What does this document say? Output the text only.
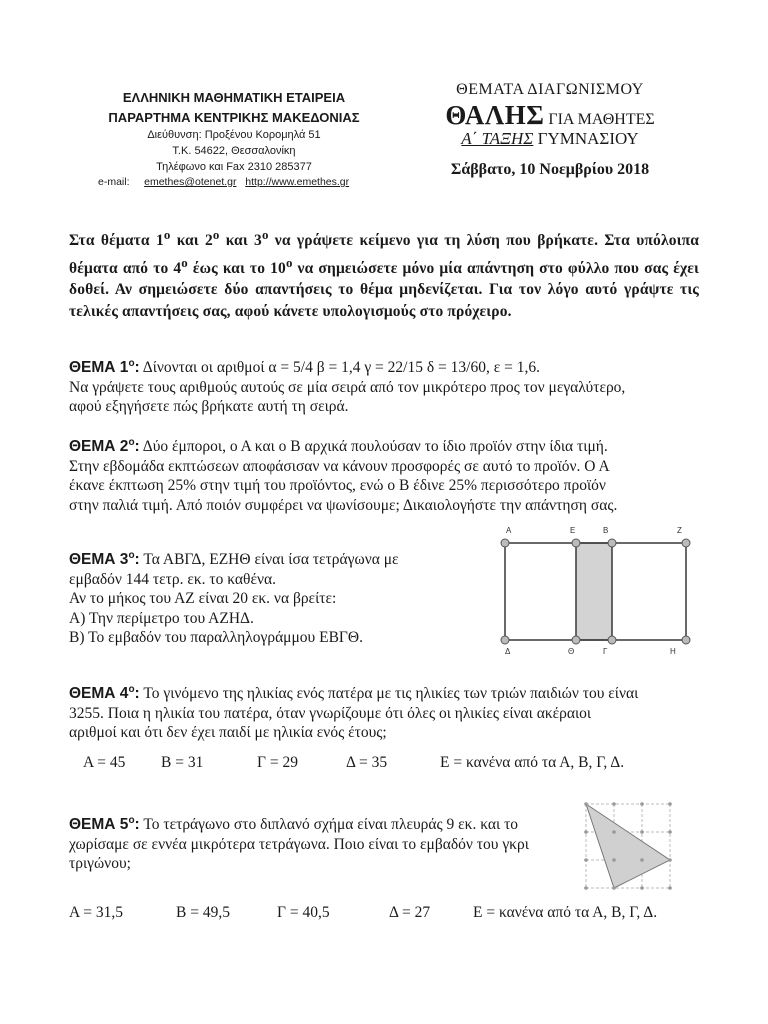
ΕΛΛΗΝΙΚΗ ΜΑΘΗΜΑΤΙΚΗ ΕΤΑΙΡΕΙΑ
ΠΑΡΑΡΤΗΜΑ ΚΕΝΤΡΙΚΗΣ ΜΑΚΕΔΟΝΙΑΣ
Διεύθυνση: Προξένου Κορομηλά 51
Τ.Κ. 54622, Θεσσαλονίκη
Τηλέφωνο και Fax 2310 285377
e-mail: emethes@otenet.gr http://www.emethes.gr
ΘΕΜΑΤΑ ΔΙΑΓΩΝΙΣΜΟΥ
ΘΑΛΗΣ ΓΙΑ ΜΑΘΗΤΕΣ
Α΄ ΤΑΞΗΣ ΓΥΜΝΑΣΙΟΥ
Σάββατο, 10 Νοεμβρίου 2018
Στα θέματα $1^o$ και $2^o$ και $3^o$ να γράψετε κείμενο για τη λύση που βρήκατε. Στα υπόλοιπα θέματα από το $4^o$ έως και το $10^o$ να σημειώσετε μόνο μία απάντηση στο φύλλο που σας έχει δοθεί. Αν σημειώσετε δύο απαντήσεις το θέμα μηδενίζεται. Για τον λόγο αυτό γράψτε τις τελικές απαντήσεις σας, αφού κάνετε υπολογισμούς στο πρόχειρο.
ΘΕΜΑ $1^o$: Δίνονται οι αριθμοί α = 5/4 β = 1,4 γ = 22/15 δ = 13/60, ε = 1,6.
Να γράψετε τους αριθμούς αυτούς σε μία σειρά από τον μικρότερο προς τον μεγαλύτερο,
αφού εξηγήσετε πώς βρήκατε αυτή τη σειρά.
ΘΕΜΑ $2^o$: Δύο έμποροι, ο Α και ο Β αρχικά πουλούσαν το ίδιο προϊόν στην ίδια τιμή.
Στην εβδομάδα εκπτώσεων αποφάσισαν να κάνουν προσφορές σε αυτό το προϊόν. Ο Α
έκανε έκπτωση 25% στην τιμή του προϊόντος, ενώ ο Β έδινε 25% περισσότερο προϊόν
στην παλιά τιμή. Από ποιόν συμφέρει να ψωνίσουμε; Δικαιολογήστε την απάντηση σας.
ΘΕΜΑ $3^o$: Τα ΑΒΓΔ, ΕΖΗΘ είναι ίσα τετράγωνα με
εμβαδόν 144 τετρ. εκ. το καθένα.
Αν το μήκος του ΑΖ είναι 20 εκ. να βρείτε:
Α) Την περίμετρο του ΑΖΗΔ.
Β) Το εμβαδόν του παραλληλογράμμου ΕΒΓΘ.
Α	Ε	Β	Ζ
Δ	Θ	Γ	Η
ΘΕΜΑ $4^o$: Το γινόμενο της ηλικίας ενός πατέρα με τις ηλικίες των τριών παιδιών του είναι
3255. Ποια η ηλικία του πατέρα, όταν γνωρίζουμε ότι όλες οι ηλικίες είναι ακέραιοι
αριθμοί και ότι δεν έχει παιδί με ηλικία ενός έτους;
Α = 45 Β = 31	Γ = 29	Δ = 35	Ε = κανένα από τα Α, Β, Γ, Δ.
ΘΕΜΑ $5^o$: Το τετράγωνο στο διπλανό σχήμα είναι πλευράς 9 εκ. και το
χωρίσαμε σε εννέα μικρότερα τετράγωνα. Ποιο είναι το εμβαδόν του γκρι
τριγώνου;
Α = 31,5	Β = 49,5	Γ = 40,5	Δ = 27	Ε = κανένα από τα Α, Β, Γ, Δ.
